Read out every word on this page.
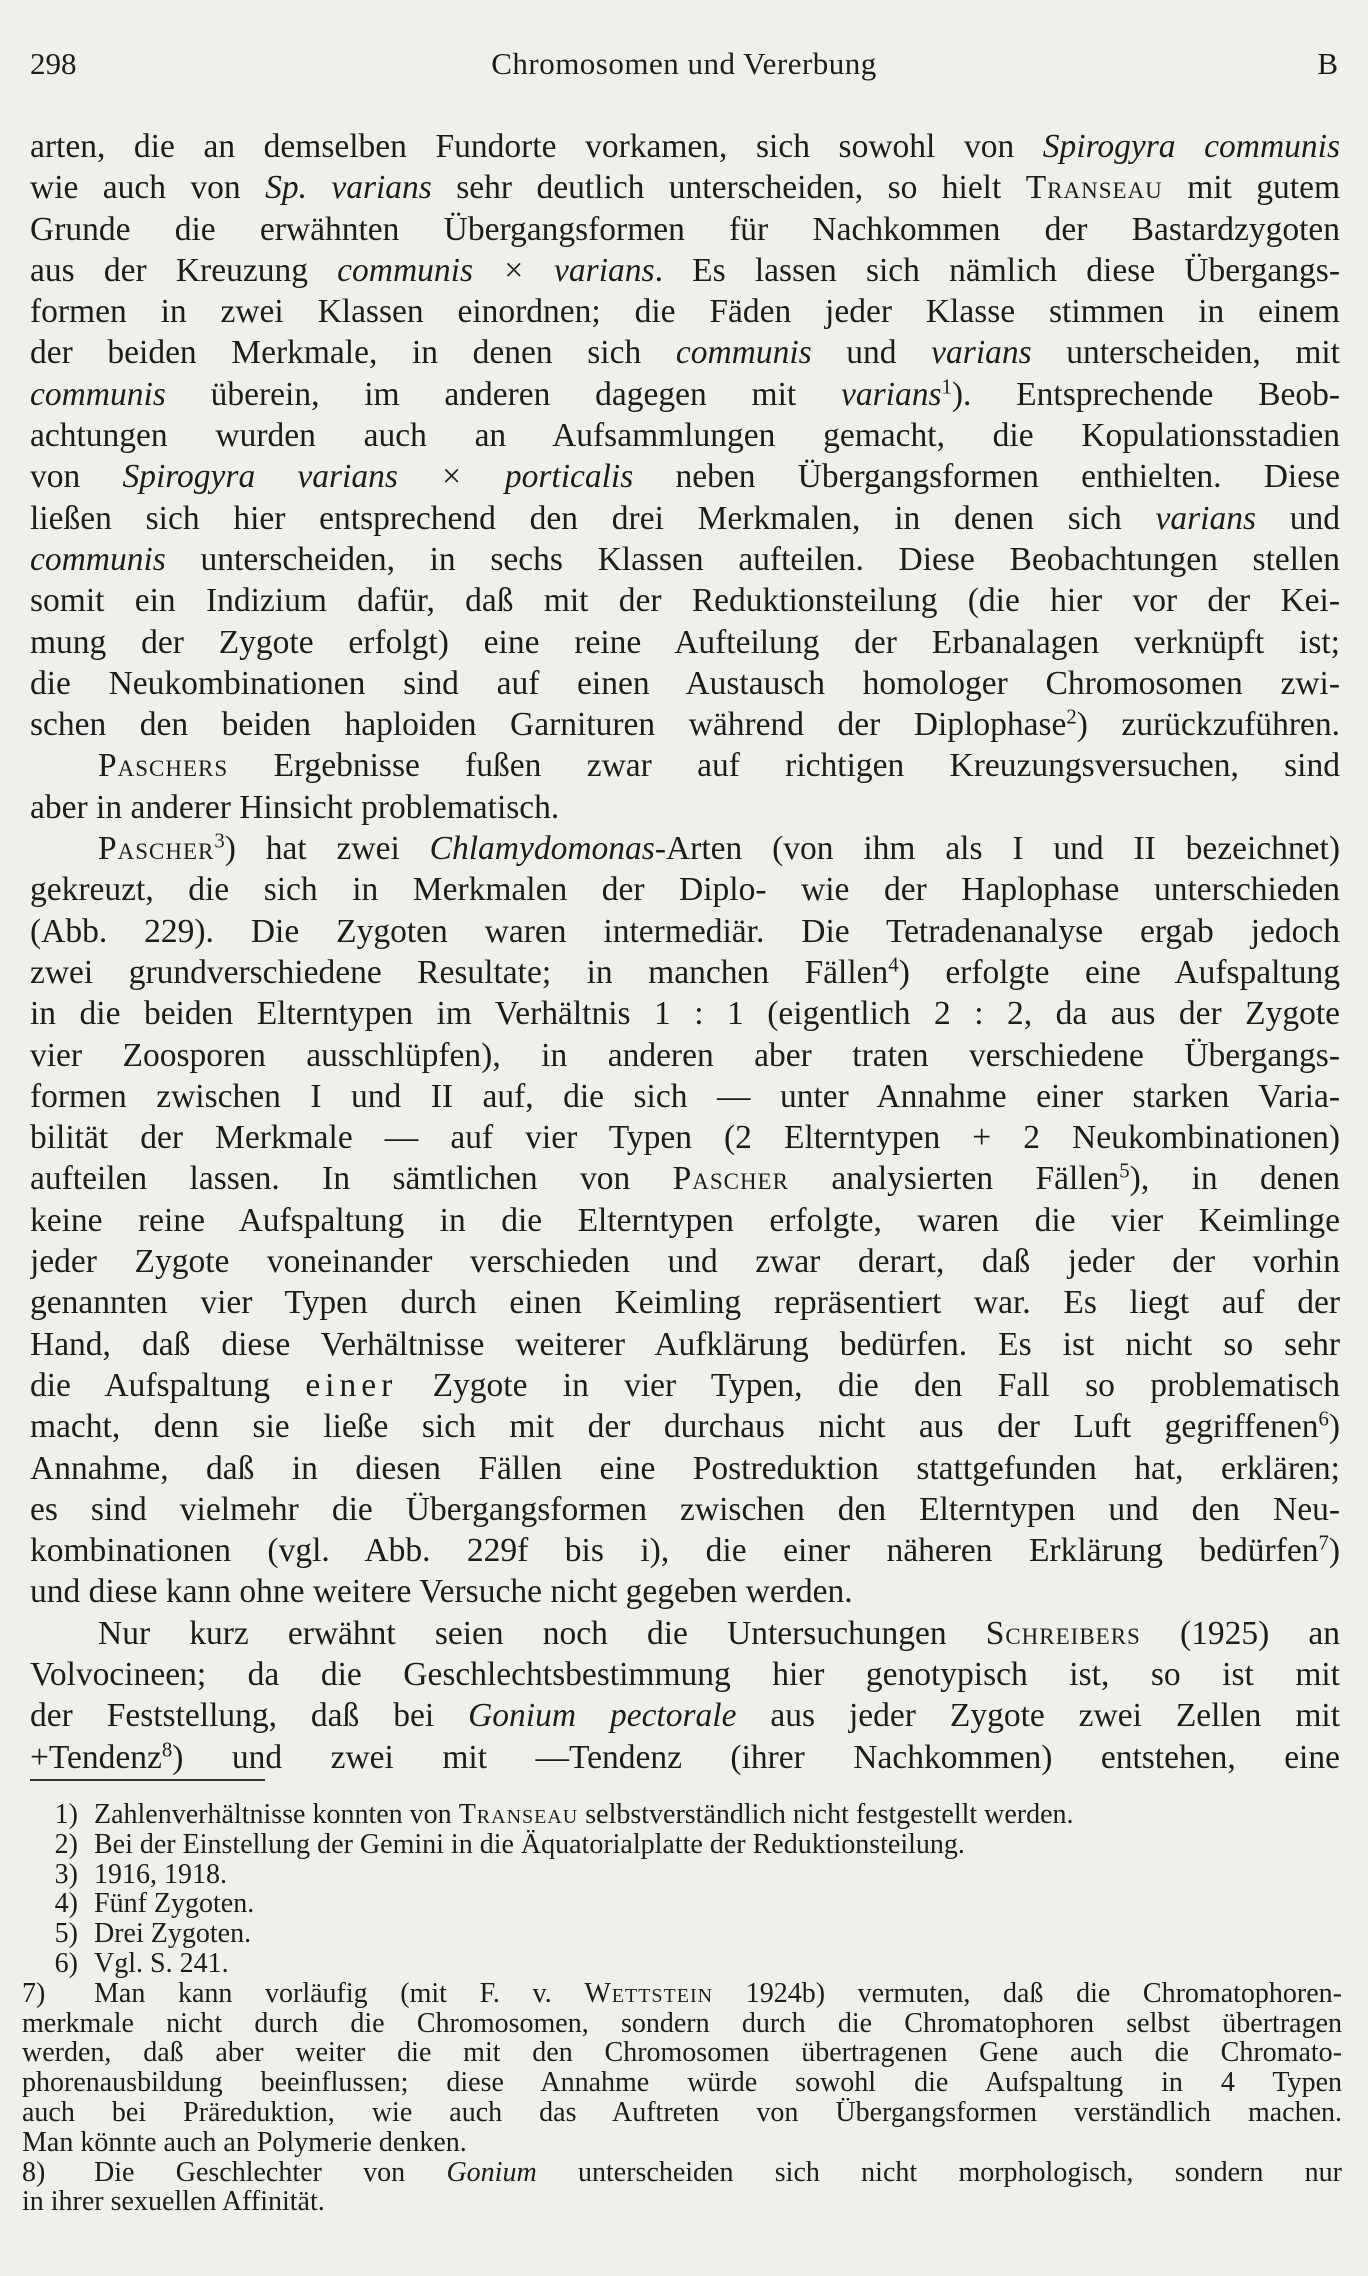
298	Chromosomen und Vererbung	B
arten, die an demselben Fundorte vorkamen, sich sowohl von Spirogyra communis
wie auch von Sp. varians sehr deutlich unterscheiden, so hielt Transeau mit gutem
Grunde die erwähnten Übergangsformen für Nachkommen der Bastardzygoten
aus der Kreuzung communis × varians. Es lassen sich nämlich diese Übergangs-
formen in zwei Klassen einordnen; die Fäden jeder Klasse stimmen in einem
der beiden Merkmale, in denen sich communis und varians unterscheiden, mit
communis überein, im anderen dagegen mit varians$^1$). Entsprechende Beob-
achtungen wurden auch an Aufsammlungen gemacht, die Kopulationsstadien
von Spirogyra varians × porticalis neben Übergangsformen enthielten. Diese
ließen sich hier entsprechend den drei Merkmalen, in denen sich varians und
communis unterscheiden, in sechs Klassen aufteilen. Diese Beobachtungen stellen
somit ein Indizium dafür, daß mit der Reduktionsteilung (die hier vor der Kei-
mung der Zygote erfolgt) eine reine Aufteilung der Erbanalagen verknüpft ist;
die Neukombinationen sind auf einen Austausch homologer Chromosomen zwi-
schen den beiden haploiden Garnituren während der Diplophase$^2$) zurückzuführen.
Paschers Ergebnisse fußen zwar auf richtigen Kreuzungsversuchen, sind
aber in anderer Hinsicht problematisch.
Pascher$^3$) hat zwei Chlamydomonas-Arten (von ihm als I und II bezeichnet)
gekreuzt, die sich in Merkmalen der Diplo- wie der Haplophase unterschieden
(Abb. 229). Die Zygoten waren intermediär. Die Tetradenanalyse ergab jedoch
zwei grundverschiedene Resultate; in manchen Fällen$^4$) erfolgte eine Aufspaltung
in die beiden Elterntypen im Verhältnis 1 : 1 (eigentlich 2 : 2, da aus der Zygote
vier Zoosporen ausschlüpfen), in anderen aber traten verschiedene Übergangs-
formen zwischen I und II auf, die sich — unter Annahme einer starken Varia-
bilität der Merkmale — auf vier Typen (2 Elterntypen + 2 Neukombinationen)
aufteilen lassen. In sämtlichen von Pascher analysierten Fällen$^5$), in denen
keine reine Aufspaltung in die Elterntypen erfolgte, waren die vier Keimlinge
jeder Zygote voneinander verschieden und zwar derart, daß jeder der vorhin
genannten vier Typen durch einen Keimling repräsentiert war. Es liegt auf der
Hand, daß diese Verhältnisse weiterer Aufklärung bedürfen. Es ist nicht so sehr
die Aufspaltung einer Zygote in vier Typen, die den Fall so problematisch
macht, denn sie ließe sich mit der durchaus nicht aus der Luft gegriffenen$^6$)
Annahme, daß in diesen Fällen eine Postreduktion stattgefunden hat, erklären;
es sind vielmehr die Übergangsformen zwischen den Elterntypen und den Neu-
kombinationen (vgl. Abb. 229f bis i), die einer näheren Erklärung bedürfen$^7$)
und diese kann ohne weitere Versuche nicht gegeben werden.
Nur kurz erwähnt seien noch die Untersuchungen Schreibers (1925) an
Volvocineen; da die Geschlechtsbestimmung hier genotypisch ist, so ist mit
der Feststellung, daß bei Gonium pectorale aus jeder Zygote zwei Zellen mit
+Tendenz$^8$) und zwei mit —Tendenz (ihrer Nachkommen) entstehen, eine
1) Zahlenverhältnisse konnten von Transeau selbstverständlich nicht festgestellt werden.
2) Bei der Einstellung der Gemini in die Äquatorialplatte der Reduktionsteilung.
3) 1916, 1918.
4) Fünf Zygoten.
5) Drei Zygoten.
6) Vgl. S. 241.
7) Man kann vorläufig (mit F. v. Wettstein 1924b) vermuten, daß die Chromatophoren-
merkmale nicht durch die Chromosomen, sondern durch die Chromatophoren selbst übertragen
werden, daß aber weiter die mit den Chromosomen übertragenen Gene auch die Chromato-
phorenausbildung beeinflussen; diese Annahme würde sowohl die Aufspaltung in 4 Typen
auch bei Präreduktion, wie auch das Auftreten von Übergangsformen verständlich machen.
Man könnte auch an Polymerie denken.
8) Die Geschlechter von Gonium unterscheiden sich nicht morphologisch, sondern nur
in ihrer sexuellen Affinität.
